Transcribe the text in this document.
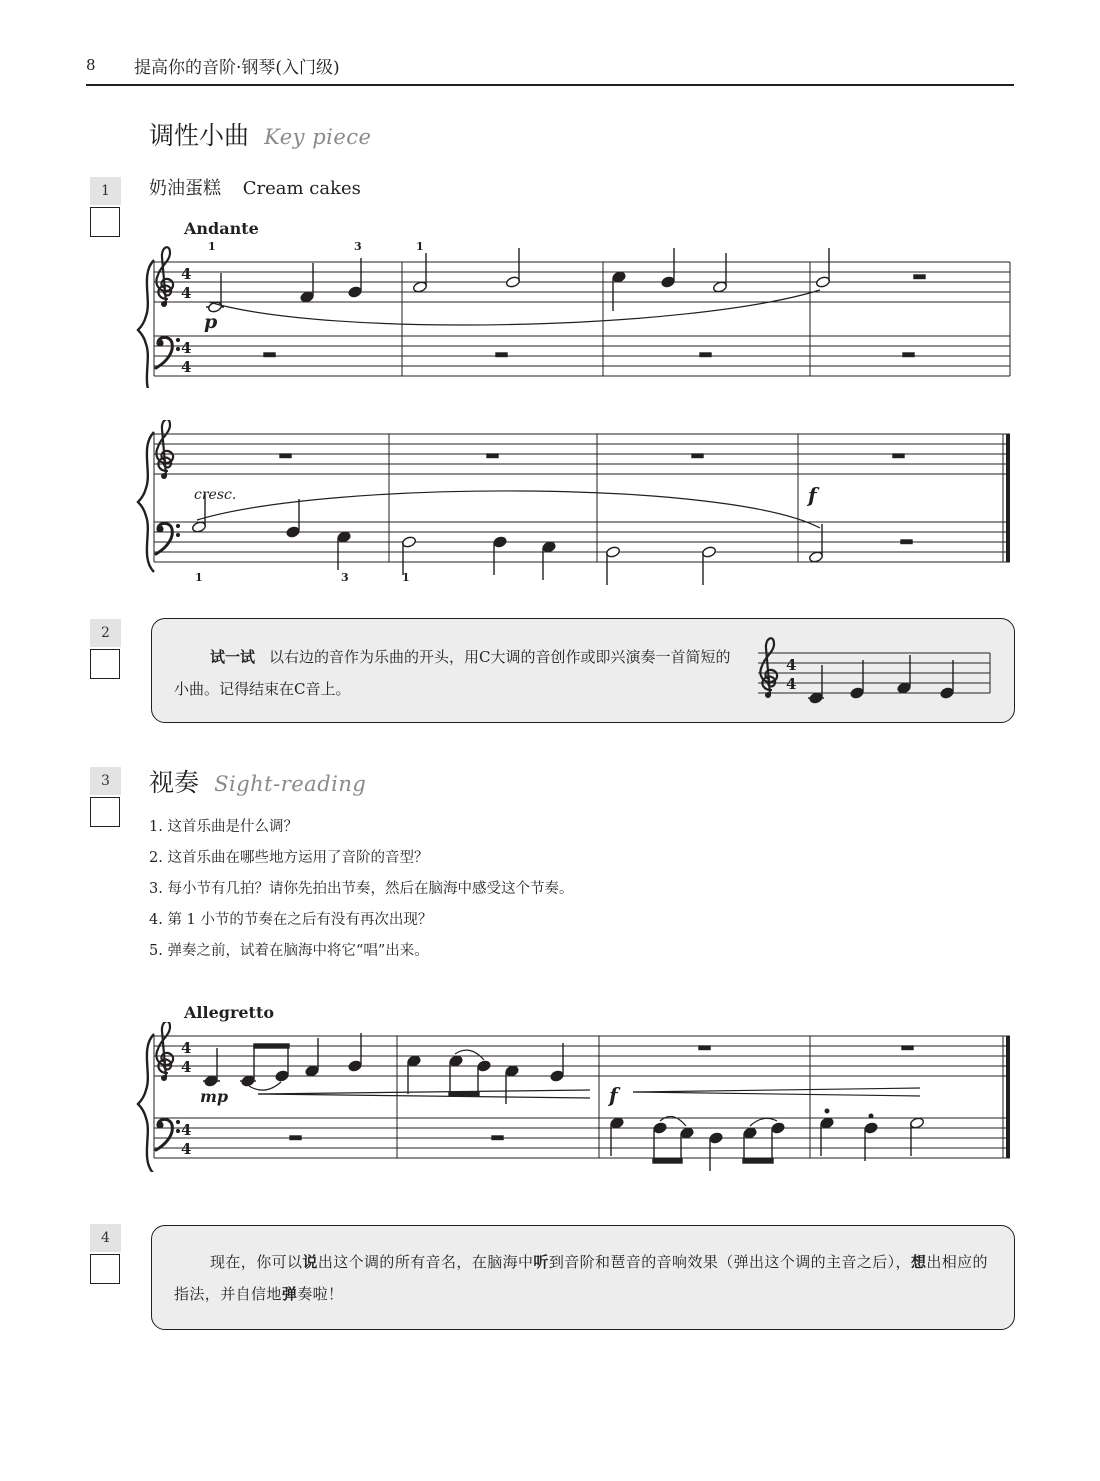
8 提高你的音阶·钢琴(入门级)
调性小曲 Key piece
1	奶油蛋糕 Cream cakes
Andante
4
4
4
4
1	3	1
p
cresc.	f
1	3	1
2
试一试 以右边的音作为乐曲的开头，用C大调的音创作或即兴演奏一首简短的小曲。记得结束在C音上。
4
4
3	视奏 Sight-reading
1. 这首乐曲是什么调？
2. 这首乐曲在哪些地方运用了音阶的音型？
3. 每小节有几拍？请你先拍出节奏，然后在脑海中感受这个节奏。
4. 第 1 小节的节奏在之后有没有再次出现？
5. 弹奏之前，试着在脑海中将它“唱”出来。
Allegretto
4
4
4
4
mp	f
4
现在，你可以说出这个调的所有音名，在脑海中听到音阶和琶音的音响效果（弹出这个调的主音之后），想出相应的指法，并自信地弹奏啦！
